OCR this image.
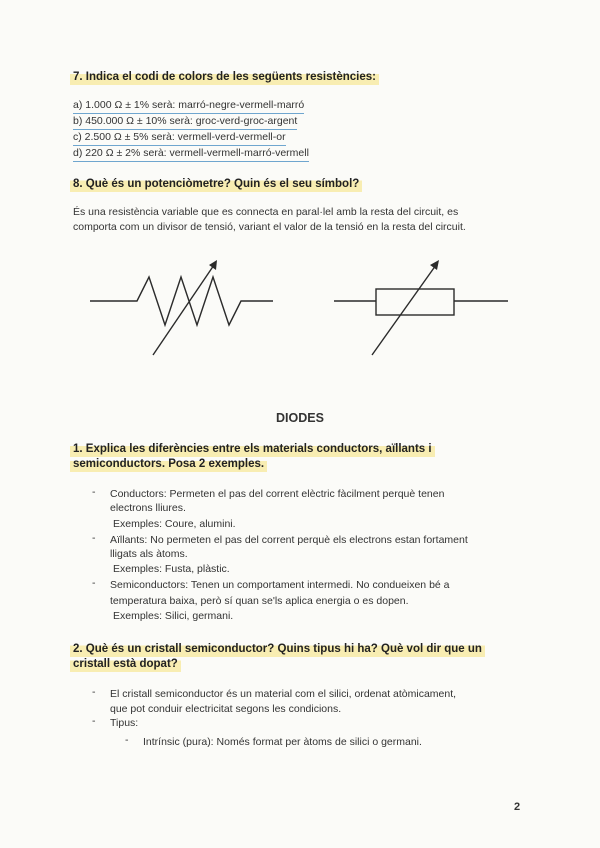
7. Indica el codi de colors de les següents resistències:
a) 1.000 Ω ± 1% serà: marró-negre-vermell-marró
b) 450.000 Ω ± 10% serà: groc-verd-groc-argent
c) 2.500 Ω ± 5% serà: vermell-verd-vermell-or
d) 220 Ω ± 2% serà: vermell-vermell-marró-vermell
8. Què és un potenciòmetre? Quin és el seu símbol?
És una resistència variable que es connecta en paral·lel amb la resta del circuit, es
comporta com un divisor de tensió, variant el valor de la tensió en la resta del circuit.
DIODES
1. Explica les diferències entre els materials conductors, aïllants i
semiconductors. Posa 2 exemples.
- Conductors: Permeten el pas del corrent elèctric fàcilment perquè tenen
electrons lliures.
Exemples: Coure, alumini.
- Aïllants: No permeten el pas del corrent perquè els electrons estan fortament
lligats als àtoms.
Exemples: Fusta, plàstic.
- Semiconductors: Tenen un comportament intermedi. No condueixen bé a
temperatura baixa, però sí quan se'ls aplica energia o es dopen.
Exemples: Silici, germani.
2. Què és un cristall semiconductor? Quins tipus hi ha? Què vol dir que un
cristall està dopat?
- El cristall semiconductor és un material com el silici, ordenat atòmicament,
que pot conduir electricitat segons les condicions.
- Tipus:
- Intrínsic (pura): Només format per àtoms de silici o germani.
2
